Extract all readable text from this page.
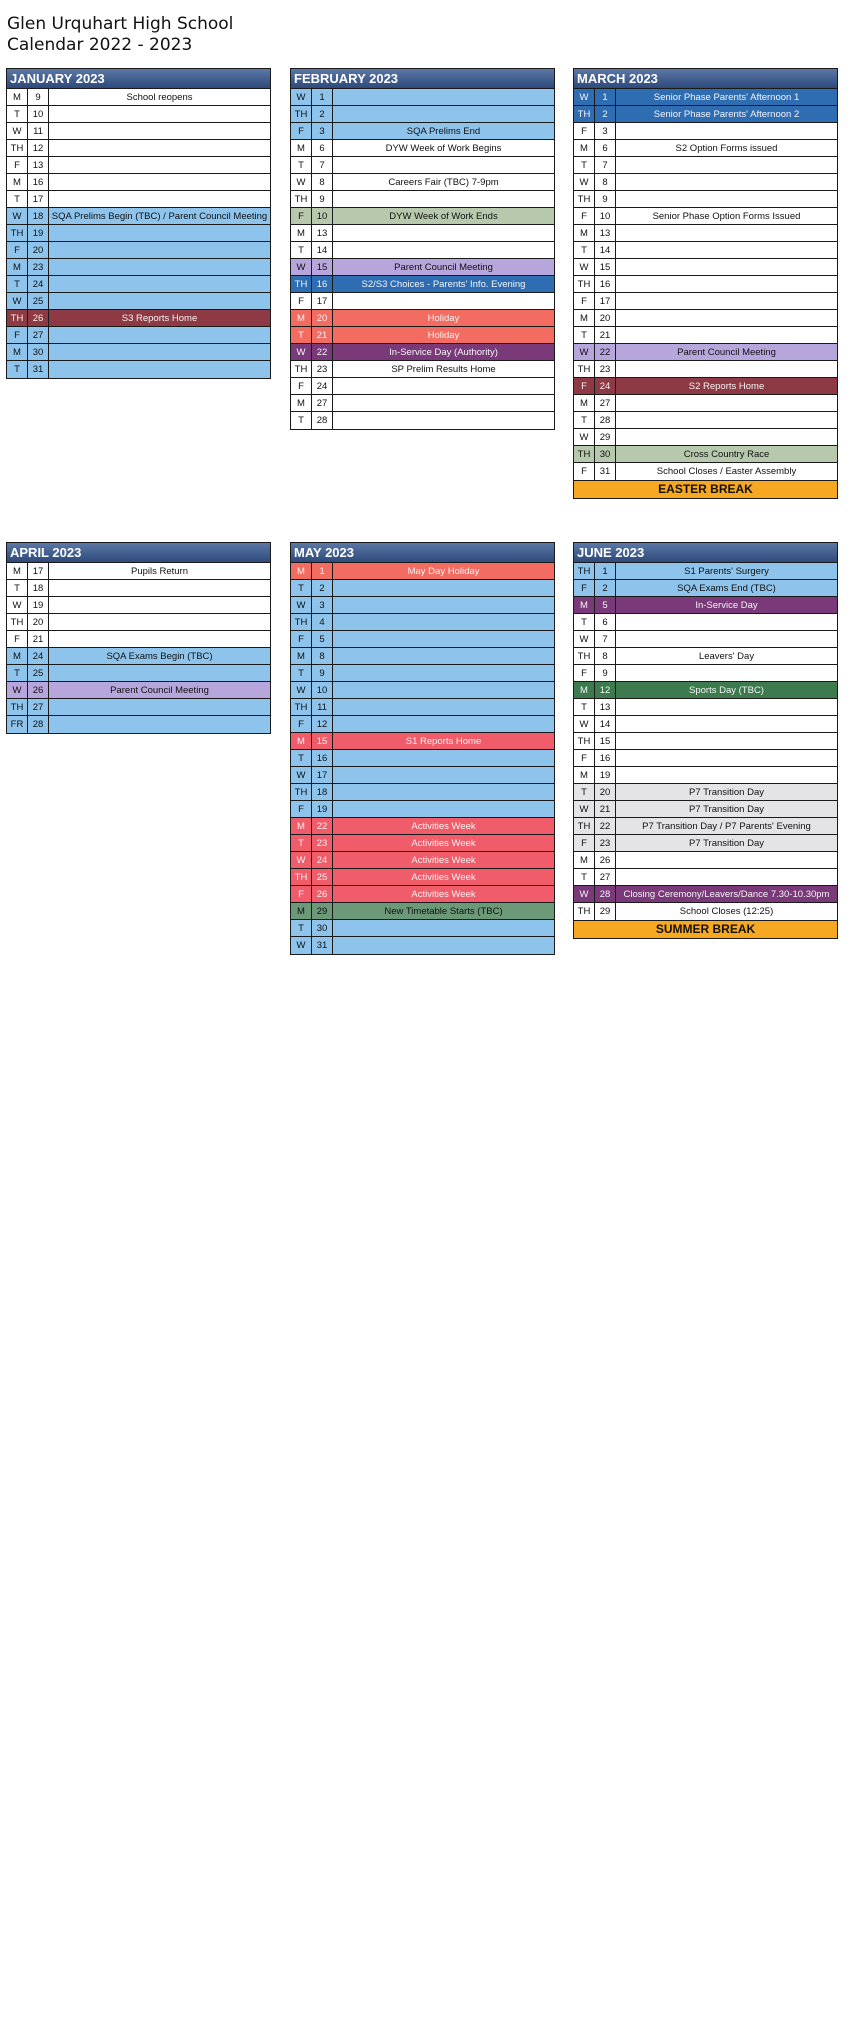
Glen Urquhart High School
Calendar 2022 - 2023
JANUARY 2023
M	9	School reopens
T	10
W	11
TH 12
F	13
M	16
T	17
W	18 SQA Prelims Begin (TBC) / Parent Council Meeting
TH 19
F	20
M	23
T	24
W	25
TH 26	S3 Reports Home
F	27
M	30
T	31
FEBRUARY 2023
W	1
TH	2
F	3	SQA Prelims End
M	6	DYW Week of Work Begins
T	7
W	8	Careers Fair (TBC) 7-9pm
TH	9
F	10	DYW Week of Work Ends
M	13
T	14
W	15	Parent Council Meeting
TH 16	S2/S3 Choices - Parents' Info. Evening
F	17
M	20	Holiday
T	21	Holiday
W	22	In-Service Day (Authority)
TH 23	SP Prelim Results Home
F	24
M	27
T	28
MARCH 2023
W	1	Senior Phase Parents' Afternoon 1
TH	2	Senior Phase Parents' Afternoon 2
F	3
M	6	S2 Option Forms issued
T	7
W	8
TH	9
F	10	Senior Phase Option Forms Issued
M	13
T	14
W	15
TH 16
F	17
M	20
T	21
W	22	Parent Council Meeting
TH 23
F	24	S2 Reports Home
M	27
T	28
W	29
TH 30	Cross Country Race
F	31	School Closes / Easter Assembly
EASTER BREAK
APRIL 2023
M	17	Pupils Return
T	18
W	19
TH 20
F	21
M	24	SQA Exams Begin (TBC)
T	25
W	26	Parent Council Meeting
TH 27
FR 28
MAY 2023
M	1	May Day Holiday
T	2
W	3
TH	4
F	5
M	8
T	9
W	10
TH	11
F	12
M	15	S1 Reports Home
T	16
W	17
TH 18
F	19
M	22	Activities Week
T	23	Activities Week
W	24	Activities Week
TH 25	Activities Week
F	26	Activities Week
M	29	New Timetable Starts (TBC)
T	30
W	31
JUNE 2023
TH	1	S1 Parents' Surgery
F	2	SQA Exams End (TBC)
M	5	In-Service Day
T	6
W	7
TH	8	Leavers' Day
F	9
M	12	Sports Day (TBC)
T	13
W	14
TH 15
F	16
M	19
T	20	P7 Transition Day
W	21	P7 Transition Day
TH 22	P7 Transition Day / P7 Parents' Evening
F	23	P7 Transition Day
M	26
T	27
W	28	Closing Ceremony/Leavers/Dance 7.30-10.30pm
TH 29	School Closes (12:25)
SUMMER BREAK
